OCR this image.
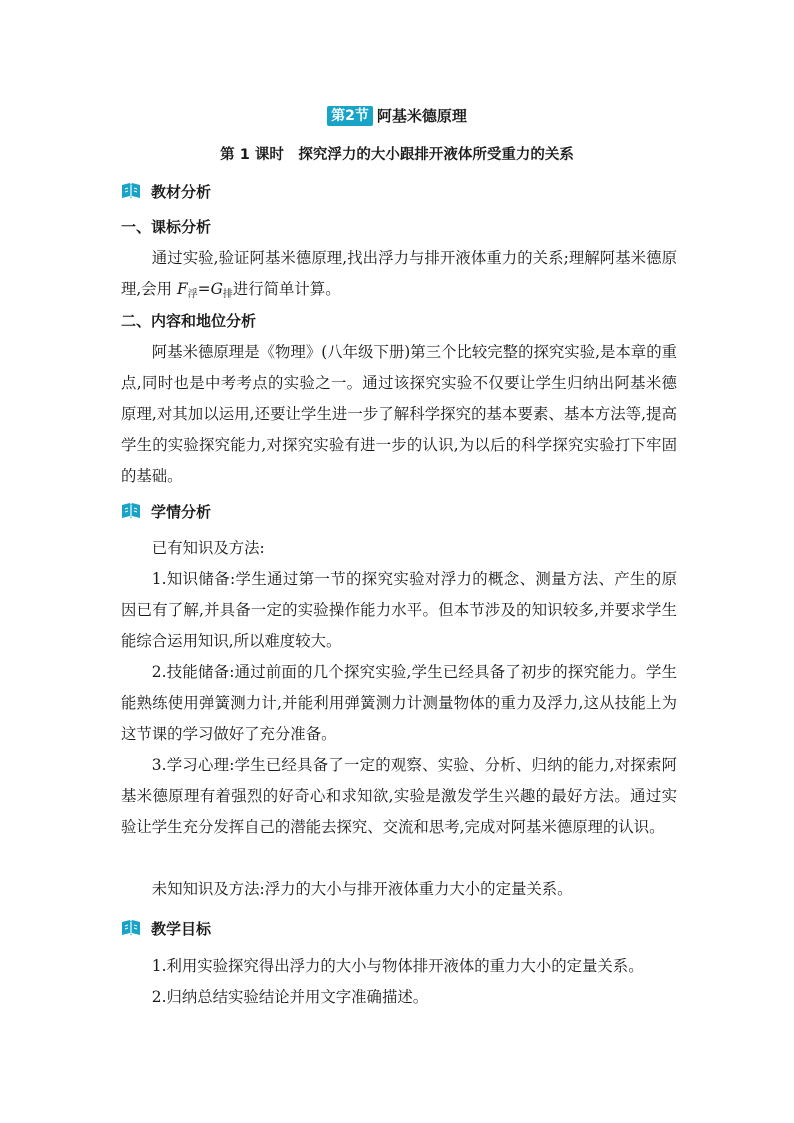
第2节 阿基米德原理
第 1 课时　探究浮力的大小跟排开液体所受重力的关系
教材分析
一、课标分析

通过实验,验证阿基米德原理,找出浮力与排开液体重力的关系;理解阿基米德原理,会用 $F_浮=G_排$进行简单计算。

二、内容和地位分析

阿基米德原理是《物理》(八年级下册)第三个比较完整的探究实验,是本章的重点,同时也是中考考点的实验之一。通过该探究实验不仅要让学生归纳出阿基米德原理,对其加以运用,还要让学生进一步了解科学探究的基本要素、基本方法等,提高学生的实验探究能力,对探究实验有进一步的认识,为以后的科学探究实验打下牢固的基础。

学情分析

已有知识及方法:

1.知识储备:学生通过第一节的探究实验对浮力的概念、测量方法、产生的原因已有了解,并具备一定的实验操作能力水平。但本节涉及的知识较多,并要求学生能综合运用知识,所以难度较大。

2.技能储备:通过前面的几个探究实验,学生已经具备了初步的探究能力。学生能熟练使用弹簧测力计,并能利用弹簧测力计测量物体的重力及浮力,这从技能上为这节课的学习做好了充分准备。

3.学习心理:学生已经具备了一定的观察、实验、分析、归纳的能力,对探索阿基米德原理有着强烈的好奇心和求知欲,实验是激发学生兴趣的最好方法。通过实验让学生充分发挥自己的潜能去探究、交流和思考,完成对阿基米德原理的认识。

未知知识及方法:浮力的大小与排开液体重力大小的定量关系。

教学目标

1.利用实验探究得出浮力的大小与物体排开液体的重力大小的定量关系。

2.归纳总结实验结论并用文字准确描述。
